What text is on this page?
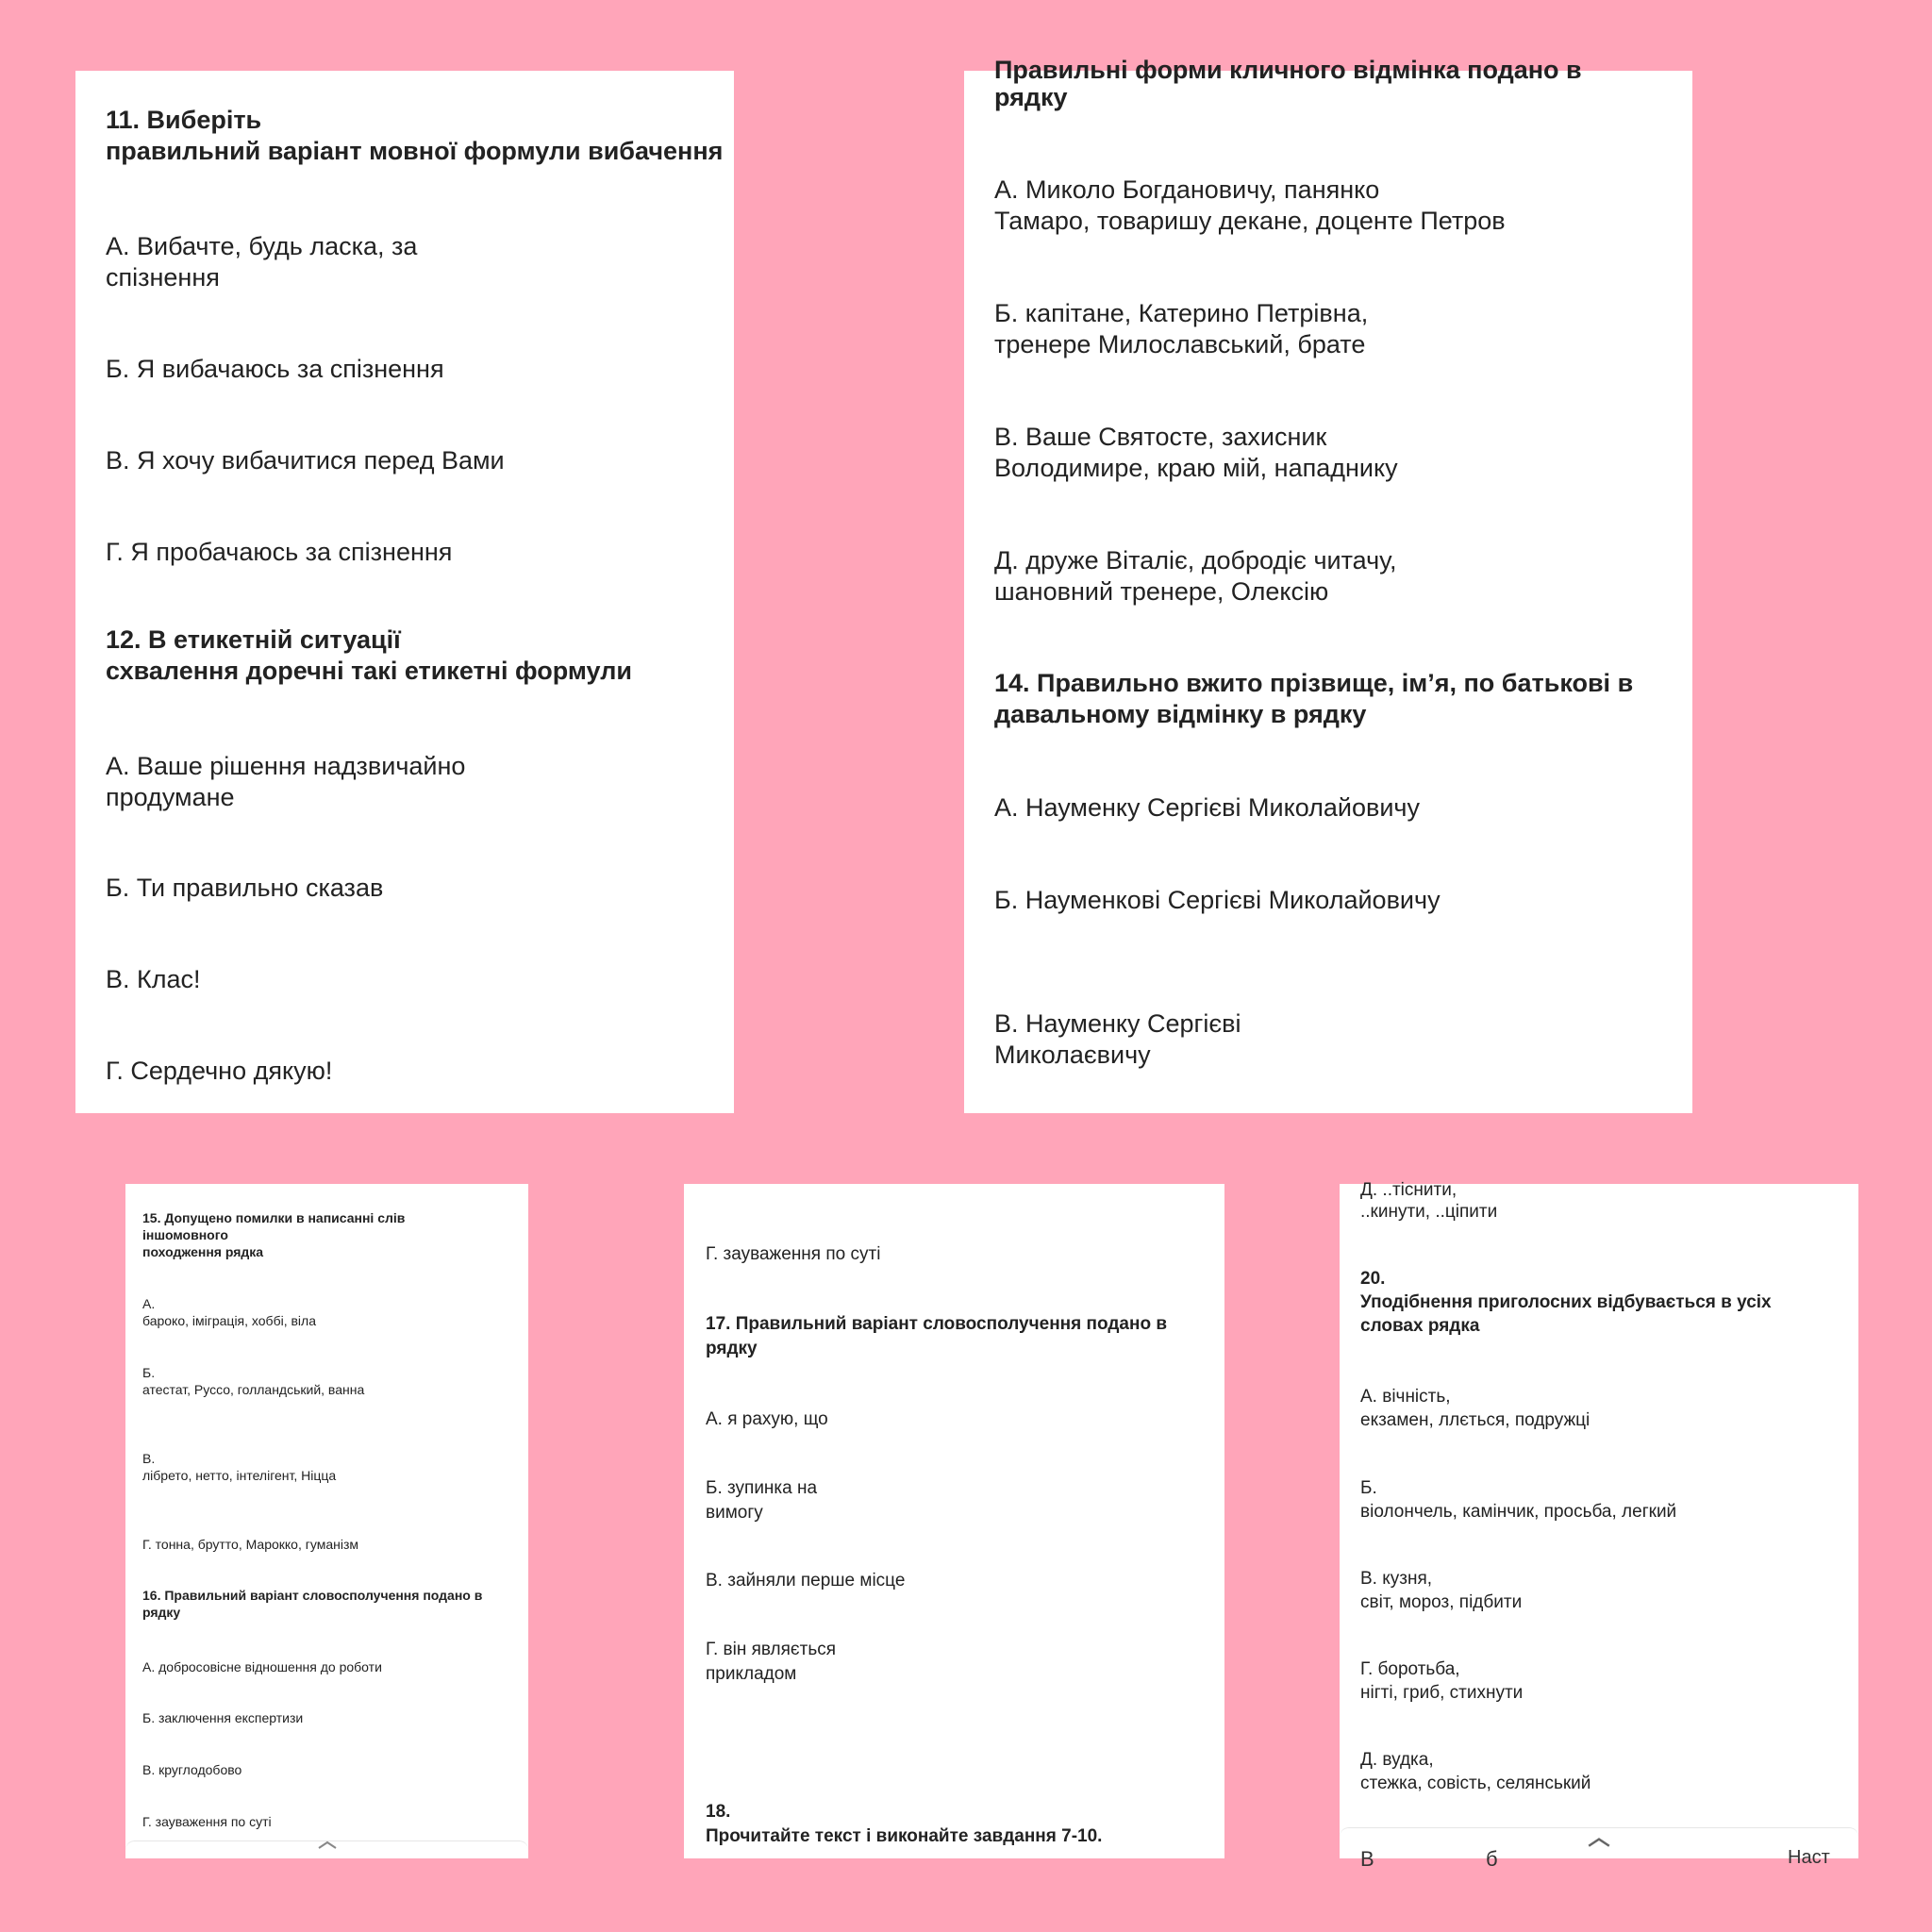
11. Виберіть
правильний варіант мовної формули вибачення
А. Вибачте, будь ласка, за
спізнення
Б. Я вибачаюсь за спізнення
В. Я хочу вибачитися перед Вами
Г. Я пробачаюсь за спізнення
12. В етикетній ситуації
схвалення доречні такі етикетні формули
А. Ваше рішення надзвичайно
продумане
Б. Ти правильно сказав
В. Клас!
Г. Сердечно дякую!
Правильні форми кличного відмінка подано в
рядку
А. Миколо Богдановичу, панянко
Тамаро, товаришу декане, доценте Петров
Б. капітане, Катерино Петрівна,
тренере Милославський, брате
В. Ваше Святосте, захисник
Володимире, краю мій, нападнику
Д. друже Віталіє, добродіє читачу,
шановний тренере, Олексію
14. Правильно вжито прізвище, ім’я, по батькові в
давальному відмінку в рядку
А. Науменку Сергієві Миколайовичу
Б. Науменкові Сергієві Миколайовичу
В. Науменку Сергієві
Миколаєвичу
15. Допущено помилки в написанні слів
іншомовного
походження рядка
А.
бароко, іміграція, хоббі, віла
Б.
атестат, Руссо, голландський, ванна
В.
лібрето, нетто, інтелігент, Ніцца
Г. тонна, брутто, Марокко, гуманізм
16. Правильний варіант словосполучення подано в
рядку
А. добросовісне відношення до роботи
Б. заключення експертизи
В. круглодобово
Г. зауваження по суті
Г. зауваження по суті
17. Правильний варіант словосполучення подано в
рядку
А. я рахую, що
Б. зупинка на
вимогу
В. зайняли перше місце
Г. він являється
прикладом
18.
Прочитайте текст і виконайте завдання 7-10.
Д. ..тіснити,
..кинути, ..ціпити
20.
Уподібнення приголосних відбувається в усіх
словах рядка
А. вічність,
екзамен, ллється, подружці
Б.
віолончель, камінчик, просьба, легкий
В. кузня,
світ, мороз, підбити
Г. боротьба,
нігті, гриб, стихнути
Д. вудка,
стежка, совість, селянський
В	б	Наст
